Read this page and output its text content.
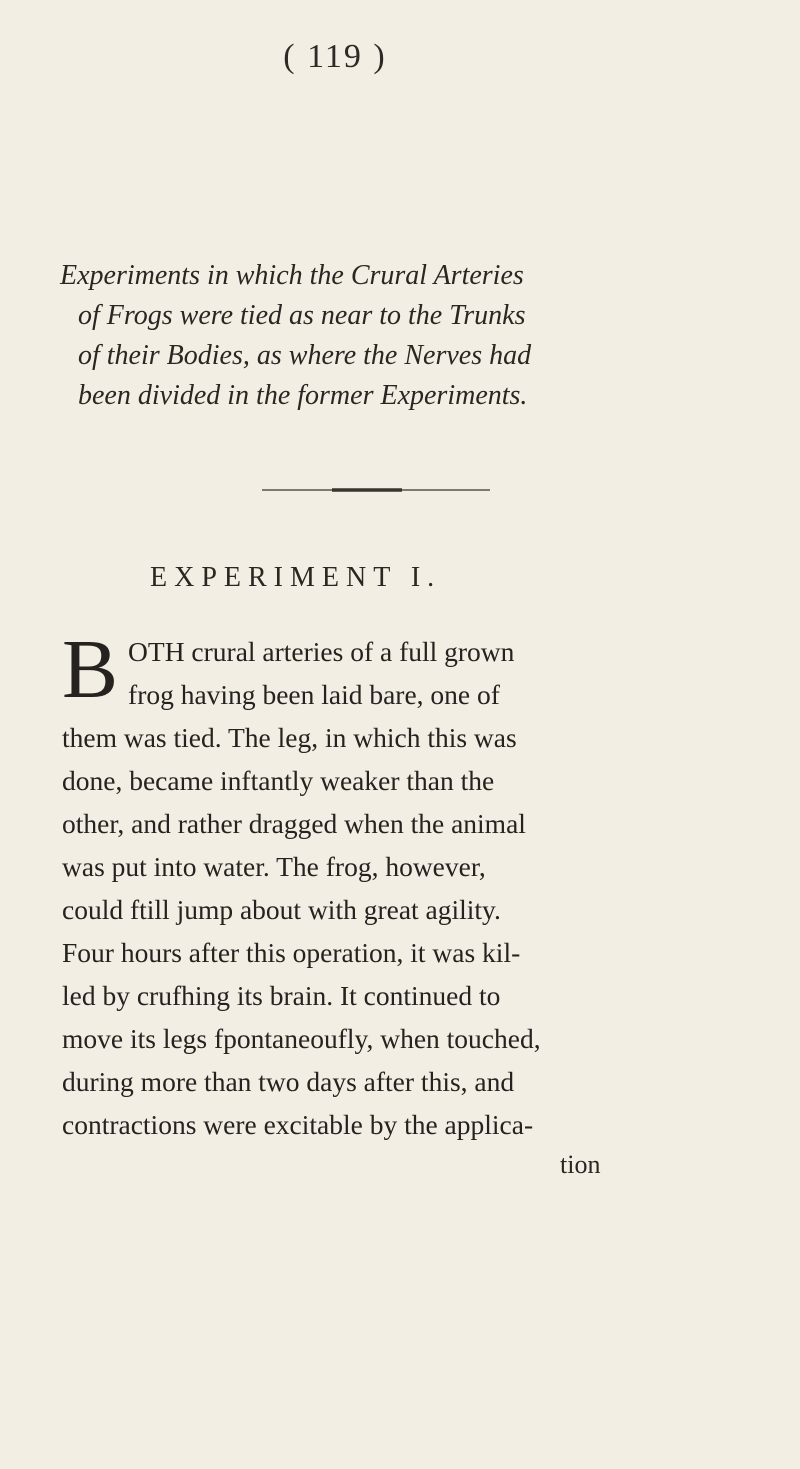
( 119 )
Experiments in which the Crural Arteries
of Frogs were tied as near to the Trunks
of their Bodies, as where the Nerves had
been divided in the former Experiments.
EXPERIMENT I.
B OTH crural arteries of a full grown
frog having been laid bare, one of
them was tied. The leg, in which this was
done, became inftantly weaker than the
other, and rather dragged when the animal
was put into water. The frog, however,
could ftill jump about with great agility.
Four hours after this operation, it was kil-
led by crufhing its brain. It continued to
move its legs fpontaneoufly, when touched,
during more than two days after this, and
contractions were excitable by the applica-
tion
